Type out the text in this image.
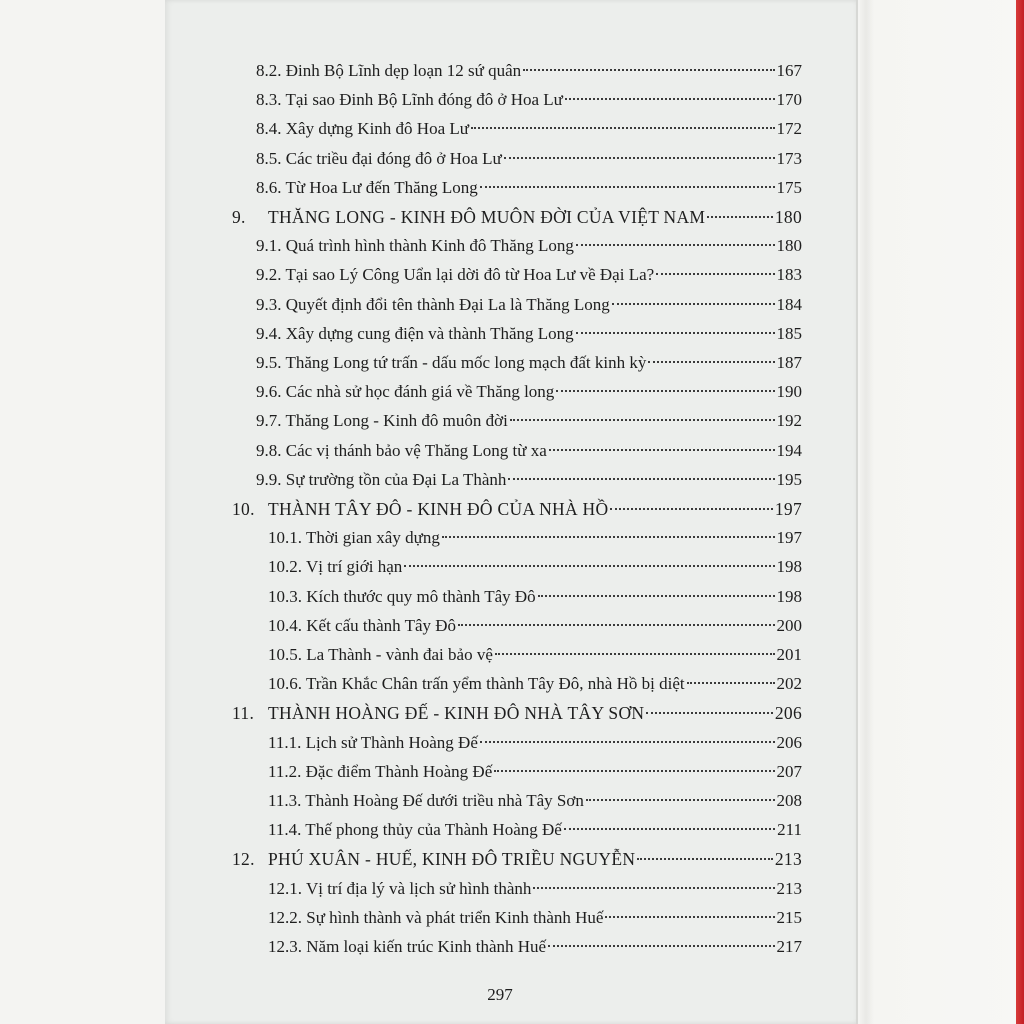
8.2. Đinh Bộ Lĩnh dẹp loạn 12 sứ quân	167
8.3. Tại sao Đinh Bộ Lĩnh đóng đô ở Hoa Lư	170
8.4. Xây dựng Kinh đô Hoa Lư	172
8.5. Các triều đại đóng đô ở Hoa Lư	173
8.6. Từ Hoa Lư đến Thăng Long	175
9.	THĂNG LONG - KINH ĐÔ MUÔN ĐỜI CỦA VIỆT NAM	180
9.1. Quá trình hình thành Kinh đô Thăng Long	180
9.2. Tại sao Lý Công Uẩn lại dời đô từ Hoa Lư về Đại La?	183
9.3. Quyết định đổi tên thành Đại La là Thăng Long	184
9.4. Xây dựng cung điện và thành Thăng Long	185
9.5. Thăng Long tứ trấn - dấu mốc long mạch đất kinh kỳ	187
9.6. Các nhà sử học đánh giá về Thăng long	190
9.7. Thăng Long - Kinh đô muôn đời	192
9.8. Các vị thánh bảo vệ Thăng Long từ xa	194
9.9. Sự trường tồn của Đại La Thành	195
10. THÀNH TÂY ĐÔ - KINH ĐÔ CỦA NHÀ HỒ	197
10.1. Thời gian xây dựng	197
10.2. Vị trí giới hạn	198
10.3. Kích thước quy mô thành Tây Đô	198
10.4. Kết cấu thành Tây Đô	200
10.5. La Thành - vành đai bảo vệ	201
10.6. Trần Khắc Chân trấn yểm thành Tây Đô, nhà Hồ bị diệt	202
11. THÀNH HOÀNG ĐẾ - KINH ĐÔ NHÀ TÂY SƠN	206
11.1. Lịch sử Thành Hoàng Đế	206
11.2. Đặc điểm Thành Hoàng Đế	207
11.3. Thành Hoàng Đế dưới triều nhà Tây Sơn	208
11.4. Thế phong thủy của Thành Hoàng Đế	211
12. PHÚ XUÂN - HUẾ, KINH ĐÔ TRIỀU NGUYỄN	213
12.1. Vị trí địa lý và lịch sử hình thành	213
12.2. Sự hình thành và phát triển Kinh thành Huế	215
12.3. Năm loại kiến trúc Kinh thành Huế	217
297
